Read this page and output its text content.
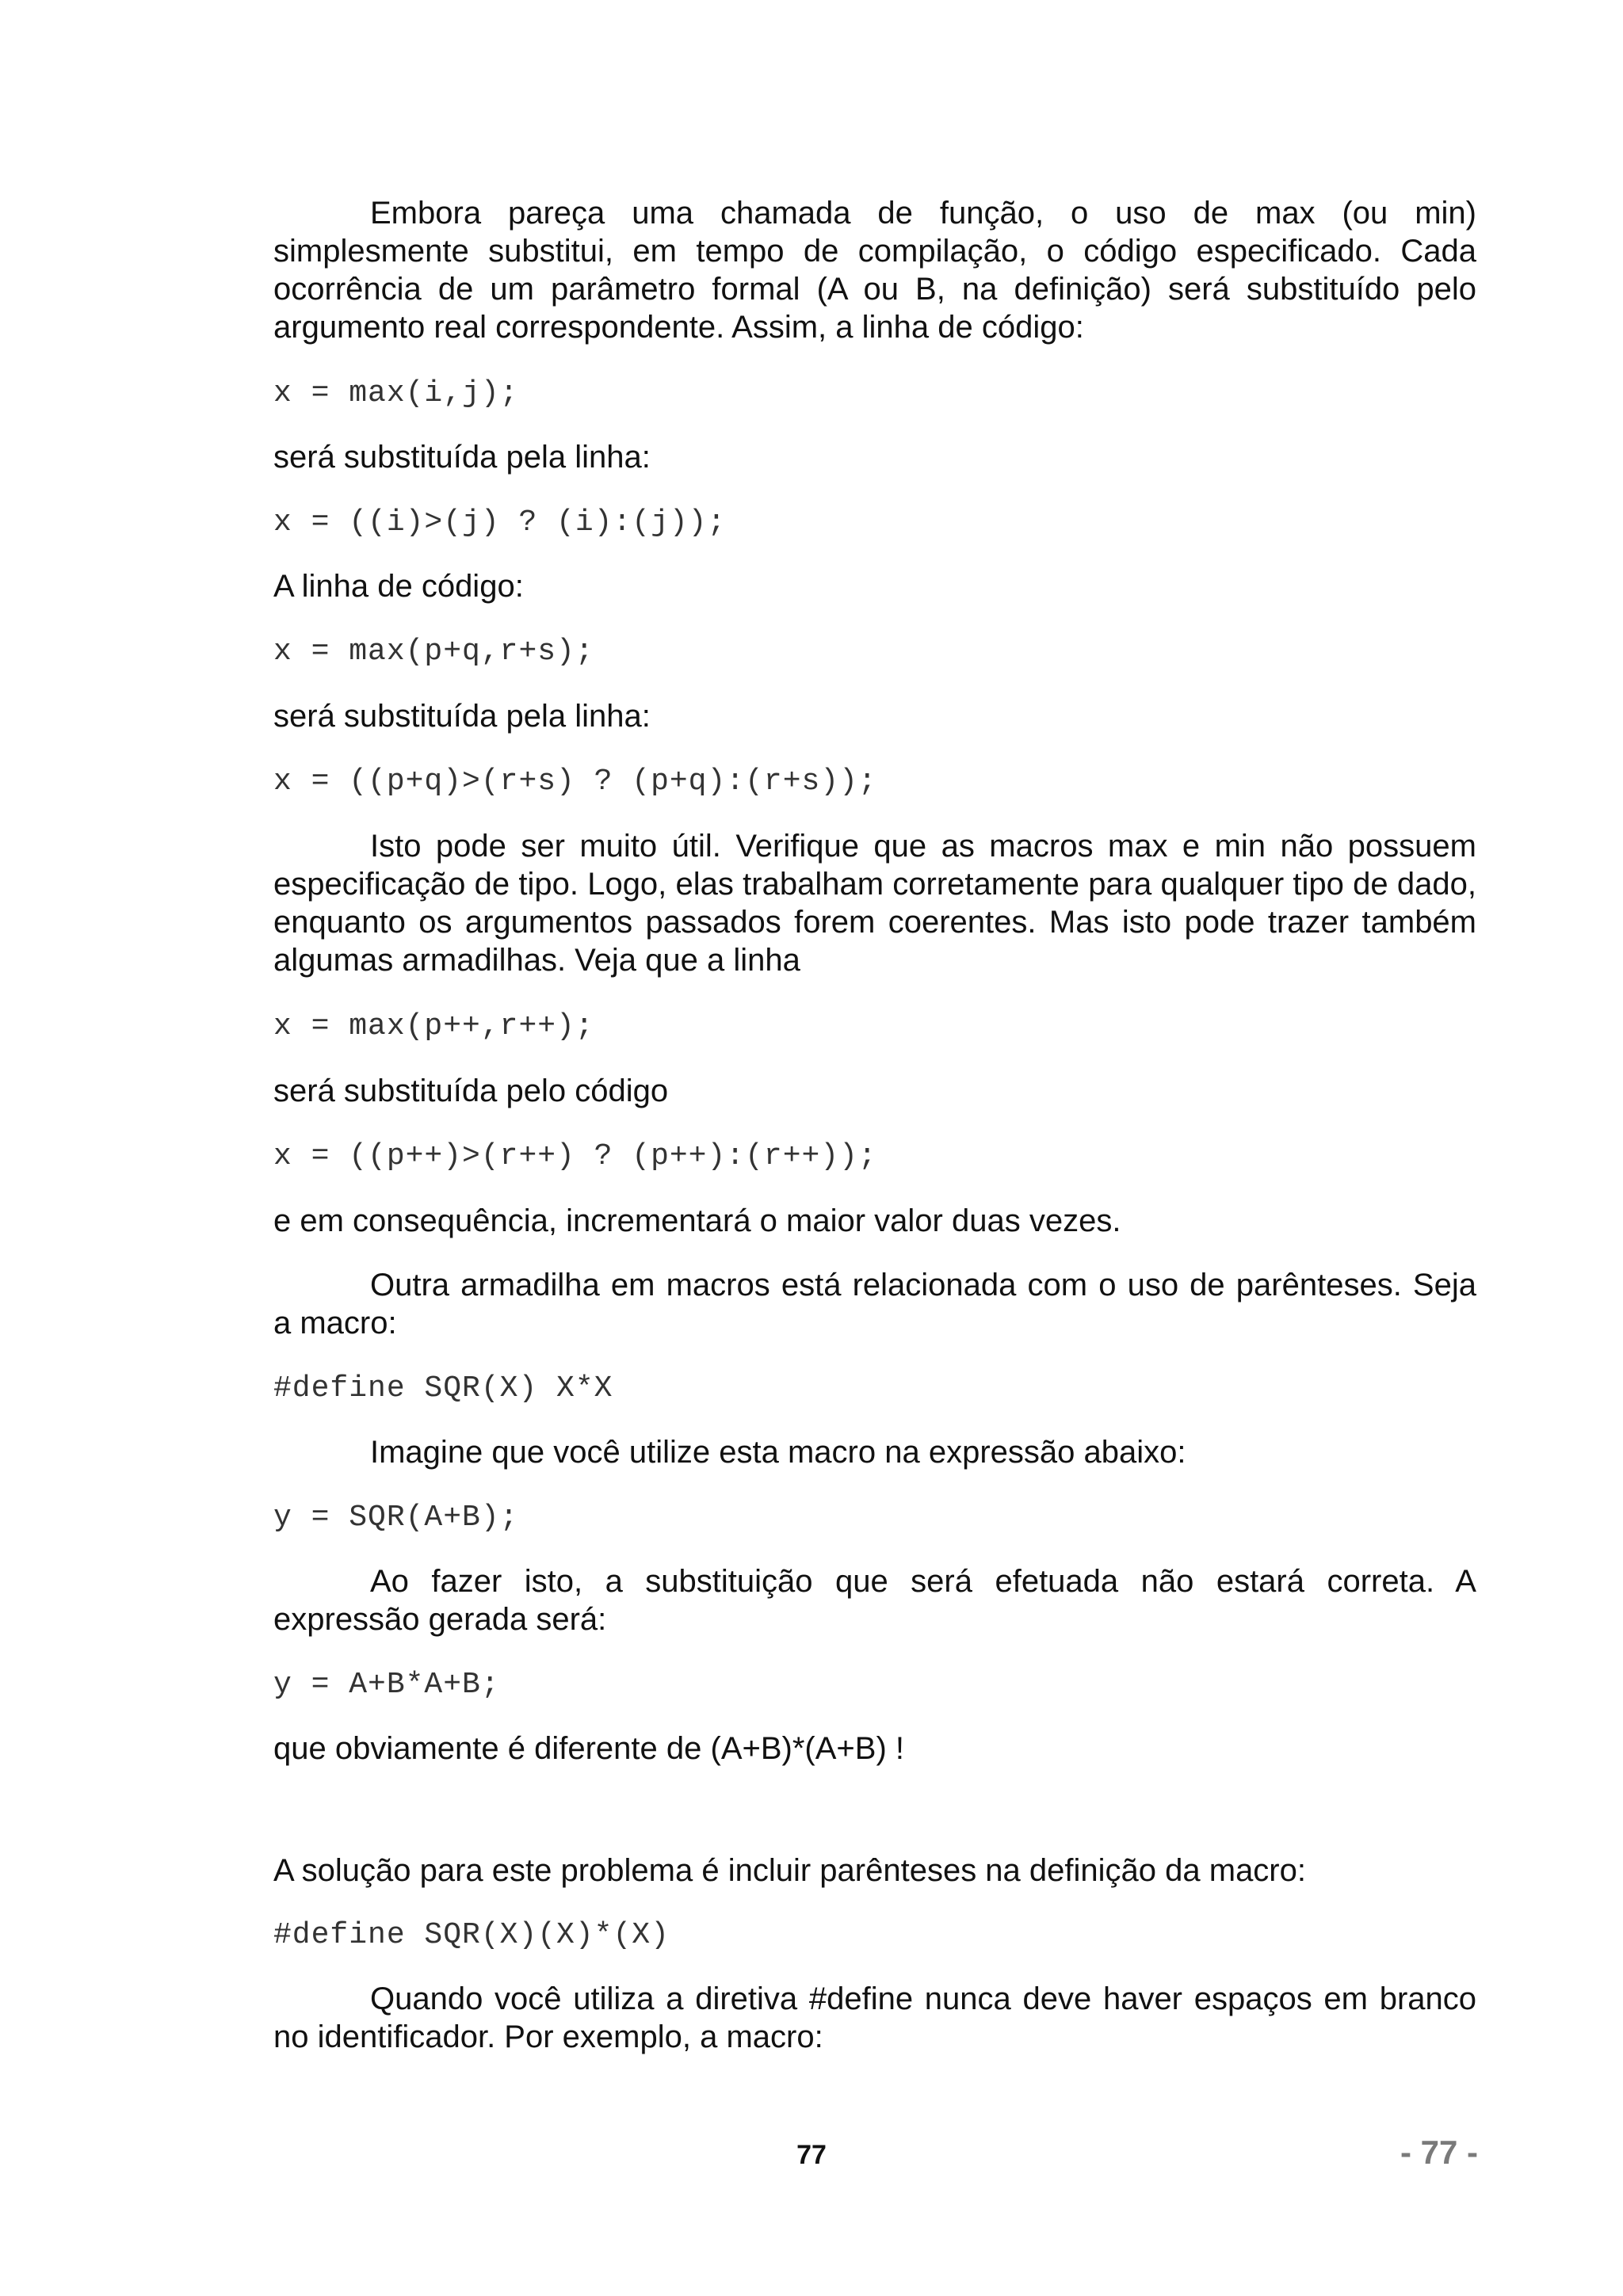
Embora pareça uma chamada de função, o uso de max (ou min) simplesmente substitui, em tempo de compilação, o código especificado. Cada ocorrência de um parâmetro formal (A ou B, na definição) será substituído pelo argumento real correspondente. Assim, a linha de código:

x = max(i,j);

será substituída pela linha:

x = ((i)>(j) ? (i):(j));

A linha de código:

x = max(p+q,r+s);

será substituída pela linha:

x = ((p+q)>(r+s) ? (p+q):(r+s));

Isto pode ser muito útil. Verifique que as macros max e min não possuem especificação de tipo. Logo, elas trabalham corretamente para qualquer tipo de dado, enquanto os argumentos passados forem coerentes. Mas isto pode trazer também algumas armadilhas. Veja que a linha

x = max(p++,r++);

será substituída pelo código

x = ((p++)>(r++) ? (p++):(r++));

e em consequência, incrementará o maior valor duas vezes.

Outra armadilha em macros está relacionada com o uso de parênteses. Seja a macro:

#define SQR(X) X*X

Imagine que você utilize esta macro na expressão abaixo:

y = SQR(A+B);

Ao fazer isto, a substituição que será efetuada não estará correta. A expressão gerada será:

y = A+B*A+B;

que obviamente é diferente de (A+B)*(A+B) !

A solução para este problema é incluir parênteses na definição da macro:

#define SQR(X)(X)*(X)

Quando você utiliza a diretiva #define nunca deve haver espaços em branco no identificador. Por exemplo, a macro:

77	- 77 -
